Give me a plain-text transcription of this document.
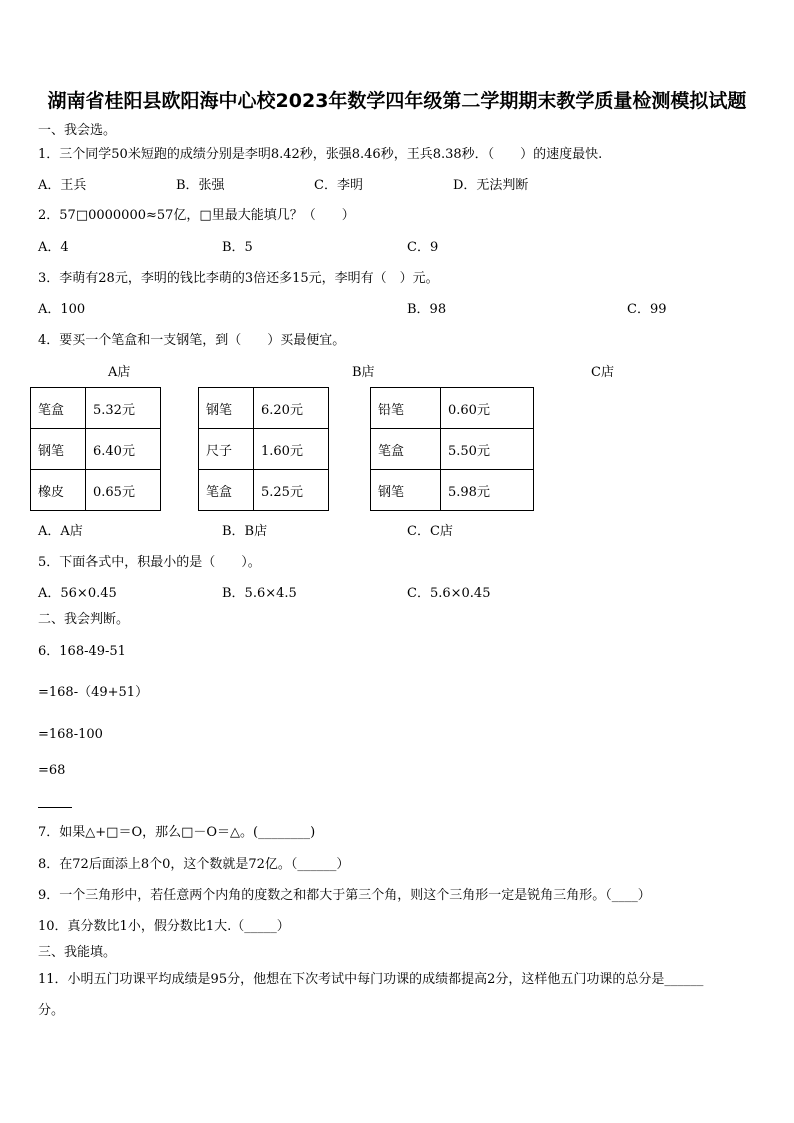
湖南省桂阳县欧阳海中心校2023年数学四年级第二学期期末教学质量检测模拟试题
一、我会选。
1．三个同学50米短跑的成绩分别是李明8.42秒，张强8.46秒，王兵8.38秒．（　　）的速度最快.
A．王兵	B．张强	C．李明	D．无法判断
2．57□0000000≈57亿，□里最大能填几？（　　）
A．4	B．5	C．9
3．李萌有28元，李明的钱比李萌的3倍还多15元，李明有（　）元。
A．100	B．98	C．99
4．要买一个笔盒和一支钢笔，到（　　）买最便宜。
A店	B店	C店
笔盒	5.32元
钢笔	6.40元
橡皮	0.65元
钢笔	6.20元
尺子	1.60元
笔盒	5.25元
铅笔	0.60元
笔盒	5.50元
钢笔	5.98元
A．A店	B．B店	C．C店
5．下面各式中，积最小的是（　　）。
A．56×0.45	B．5.6×4.5	C．5.6×0.45
二、我会判断。
6．168-49-51
=168-（49+51）
=168-100
=68
7．如果△+□＝O，那么□－O＝△。(________)
8．在72后面添上8个0，这个数就是72亿。（______）
9．一个三角形中，若任意两个内角的度数之和都大于第三个角，则这个三角形一定是锐角三角形。（____）
10．真分数比1小，假分数比1大.（_____）
三、我能填。
11．小明五门功课平均成绩是95分，他想在下次考试中每门功课的成绩都提高2分，这样他五门功课的总分是______
分。
